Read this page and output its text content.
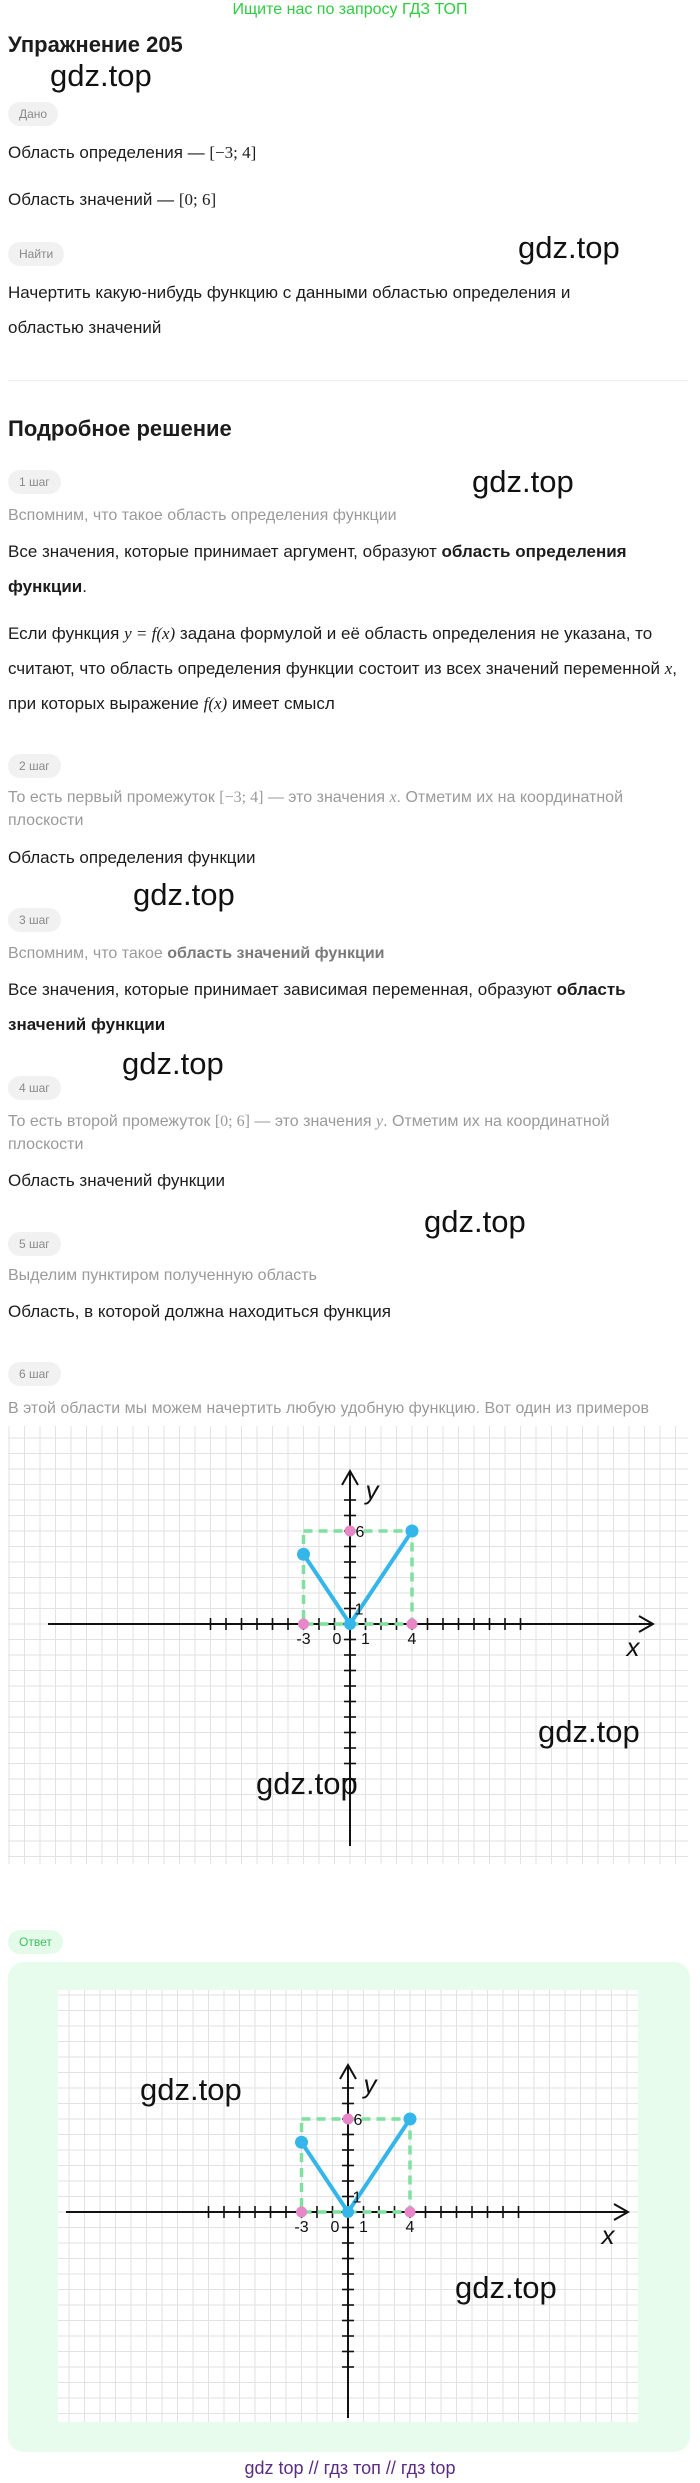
Ищите нас по запросу ГДЗ ТОП
Упражнение 205
gdz.top
Дано
Область определения — [−3; 4]
Область значений — [0; 6]
Найти	gdz.top
Начертить какую-нибудь функцию с данными областью определения и областью значений
Подробное решение
1 шаг	gdz.top
Вспомним, что такое область определения функции
Все значения, которые принимает аргумент, образуют область определения функции.
Если функция y = f(x) задана формулой и её область определения не указана, то считают, что область определения функции состоит из всех значений переменной x, при которых выражение f(x) имеет смысл
2 шаг
То есть первый промежуток [−3; 4] — это значения x. Отметим их на координатной плоскости
Область определения функции
3 шаг
gdz.top
Вспомним, что такое область значений функции
Все значения, которые принимает зависимая переменная, образуют область значений функции
4 шаг
gdz.top
То есть второй промежуток [0; 6] — это значения y. Отметим их на координатной плоскости
Область значений функции
5 шаг
gdz.top
Выделим пунктиром полученную область
Область, в которой должна находиться функция
6 шаг
В этой области мы можем начертить любую удобную функцию. Вот один из примеров
-3 0 1 4
1
6
x
y
gdz.top
gdz.top
Ответ
-3 0 1 4
1
6
x
y
gdz.top
gdz.top
gdz top // гдз топ // гдз top
